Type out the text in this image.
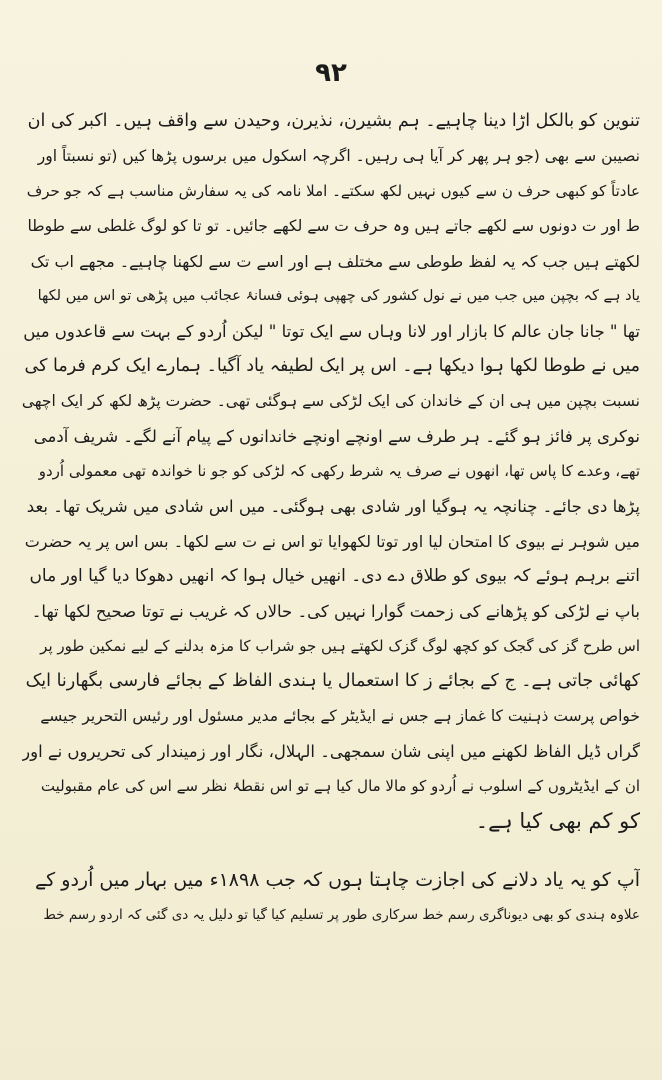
۹۲
تنوین کو بالکل اڑا دینا چاہیے۔ ہم بشیرن، نذیرن، وحیدن سے واقف ہیں۔ اکبر کی ان
نصیبن سے بھی (جو ہر پھر کر آیا ہی رہیں۔ اگرچہ اسکول میں برسوں پڑھا کیں (تو نسبتاً اور
عادتاً کو کبھی حرف ن سے کیوں نہیں لکھ سکتے۔ املا نامہ کی یہ سفارش مناسب ہے کہ جو حرف
ط اور ت دونوں سے لکھے جاتے ہیں وہ حرف ت سے لکھے جائیں۔ تو تا کو لوگ غلطی سے طوطا
لکھتے ہیں جب کہ یہ لفظ طوطی سے مختلف ہے اور اسے ت سے لکھنا چاہیے۔ مجھے اب تک
یاد ہے کہ بچپن میں جب میں نے نول کشور کی چھپی ہوئی فسانۂ عجائب میں پڑھی تو اس میں لکھا
تھا " جانا جان عالم کا بازار اور لانا وہاں سے ایک توتا " لیکن اُردو کے بہت سے قاعدوں میں
میں نے طوطا لکھا ہوا دیکھا ہے۔ اس پر ایک لطیفہ یاد آگیا۔ ہمارے ایک کرم فرما کی
نسبت بچپن میں ہی ان کے خاندان کی ایک لڑکی سے ہوگئی تھی۔ حضرت پڑھ لکھ کر ایک اچھی
نوکری پر فائز ہو گئے۔ ہر طرف سے اونچے اونچے خاندانوں کے پیام آنے لگے۔ شریف آدمی
تھے، وعدے کا پاس تھا، انھوں نے صرف یہ شرط رکھی کہ لڑکی کو جو نا خواندہ تھی معمولی اُردو
پڑھا دی جائے۔ چنانچہ یہ ہوگیا اور شادی بھی ہوگئی۔ میں اس شادی میں شریک تھا۔ بعد
میں شوہر نے بیوی کا امتحان لیا اور توتا لکھوایا تو اس نے ت سے لکھا۔ بس اس پر یہ حضرت
اتنے برہم ہوئے کہ بیوی کو طلاق دے دی۔ انھیں خیال ہوا کہ انھیں دھوکا دیا گیا اور ماں
باپ نے لڑکی کو پڑھانے کی زحمت گوارا نہیں کی۔ حالاں کہ غریب نے توتا صحیح لکھا تھا۔
اس طرح گز کی گجک کو کچھ لوگ گزک لکھتے ہیں جو شراب کا مزہ بدلنے کے لیے نمکین طور پر
کھائی جاتی ہے۔ ج کے بجائے ز کا استعمال یا ہندی الفاظ کے بجائے فارسی بگھارنا ایک
خواص پرست ذہنیت کا غماز ہے جس نے ایڈیٹر کے بجائے مدیر مسئول اور رئیس التحریر جیسے
گراں ڈیل الفاظ لکھنے میں اپنی شان سمجھی۔ الہلال، نگار اور زمیندار کی تحریروں نے اور
ان کے ایڈیٹروں کے اسلوب نے اُردو کو مالا مال کیا ہے تو اس نقطۂ نظر سے اس کی عام مقبولیت
کو کم بھی کیا ہے۔
آپ کو یہ یاد دلانے کی اجازت چاہتا ہوں کہ جب ۱۸۹۸ء میں بہار میں اُردو کے
علاوہ ہندی کو بھی دیوناگری رسم خط سرکاری طور پر تسلیم کیا گیا تو دلیل یہ دی گئی کہ اردو رسم خط
